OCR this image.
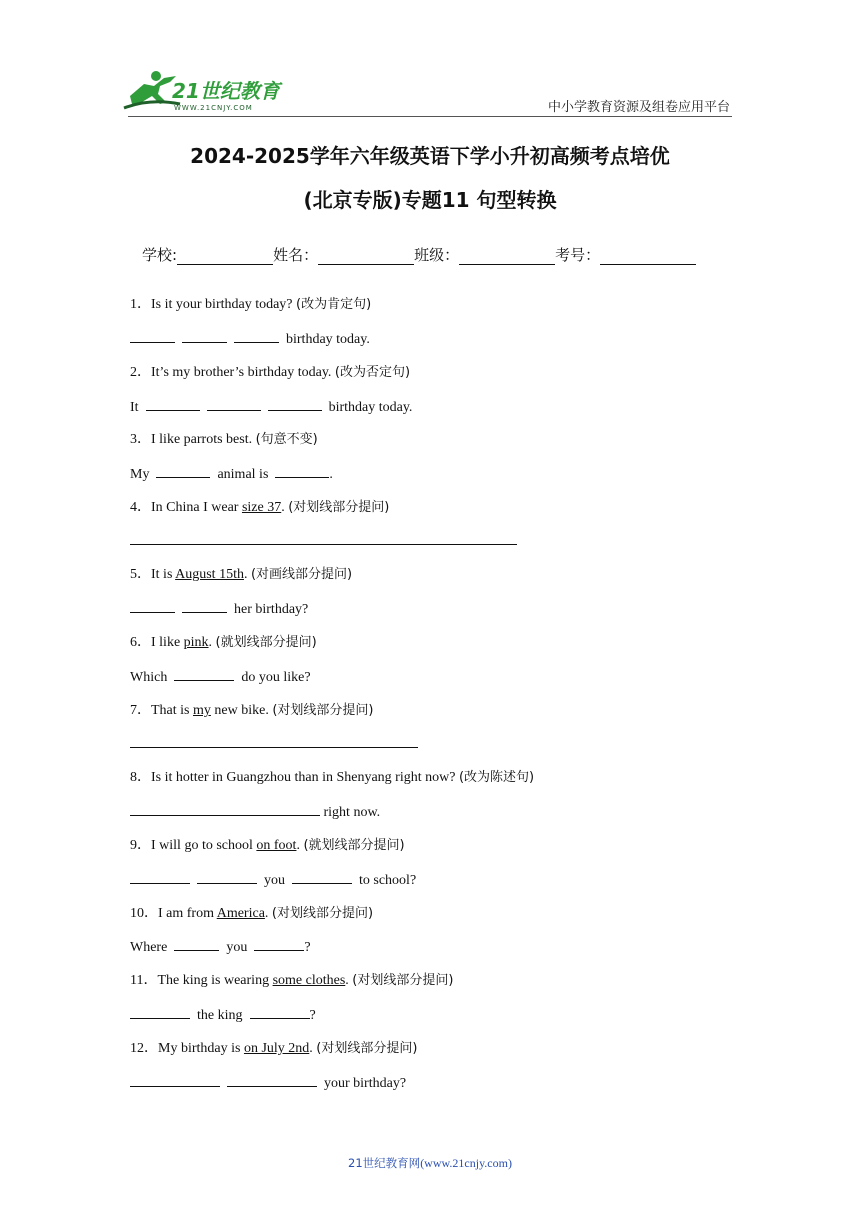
21世纪教育
WWW.21CNJY.COM	中小学教育资源及组卷应用平台
2024-2025学年六年级英语下学小升初高频考点培优
(北京专版)专题11 句型转换
学校:	姓名：	班级：	考号：
1．Is it your birthday today? (改为肯定句)
birthday today.
2．It’s my brother’s birthday today. (改为否定句)
It	birthday today.
3．I like parrots best. (句意不变)
My	animal is	.
4．In China I wear size 37. (对划线部分提问)
5．It is August 15th. (对画线部分提问)
her birthday?
6．I like pink. (就划线部分提问)
Which	do you like?
7．That is my new bike. (对划线部分提问)
8．Is it hotter in Guangzhou than in Shenyang right now? (改为陈述句)
right now.
9．I will go to school on foot. (就划线部分提问)
you	to school?
10．I am from America. (对划线部分提问)
Where	you	?
11．The king is wearing some clothes. (对划线部分提问)
the king	?
12．My birthday is on July 2nd. (对划线部分提问)
your birthday?
21世纪教育网(www.21cnjy.com)
